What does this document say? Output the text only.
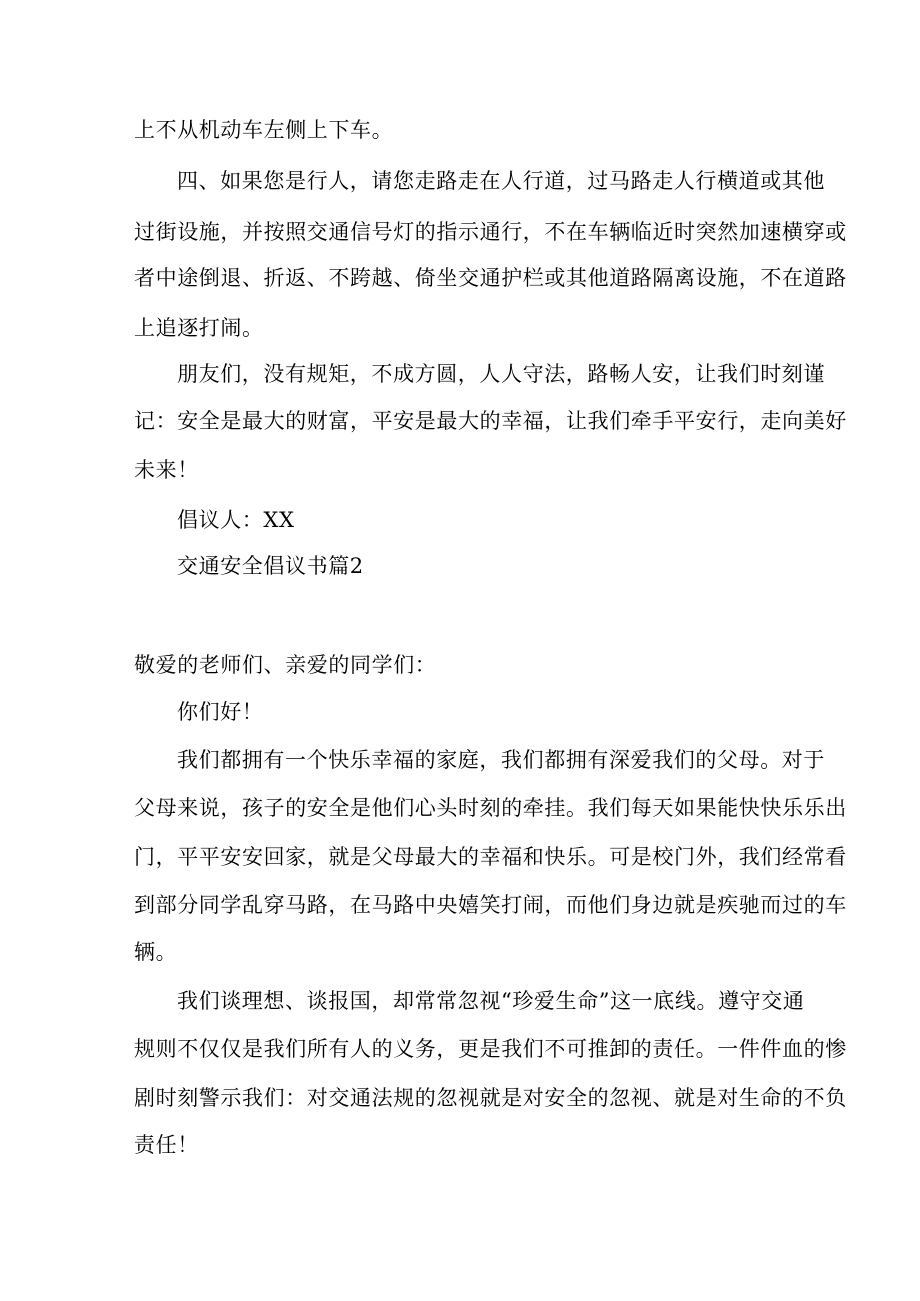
上不从机动车左侧上下车。
四、如果您是行人，请您走路走在人行道，过马路走人行横道或其他
过街设施，并按照交通信号灯的指示通行，不在车辆临近时突然加速横穿或
者中途倒退、折返、不跨越、倚坐交通护栏或其他道路隔离设施，不在道路
上追逐打闹。
朋友们，没有规矩，不成方圆，人人守法，路畅人安，让我们时刻谨
记：安全是最大的财富，平安是最大的幸福，让我们牵手平安行，走向美好
未来！
倡议人：XX
交通安全倡议书篇2
敬爱的老师们、亲爱的同学们：
你们好！
我们都拥有一个快乐幸福的家庭，我们都拥有深爱我们的父母。对于
父母来说，孩子的安全是他们心头时刻的牵挂。我们每天如果能快快乐乐出
门，平平安安回家，就是父母最大的幸福和快乐。可是校门外，我们经常看
到部分同学乱穿马路，在马路中央嬉笑打闹，而他们身边就是疾驰而过的车
辆。
我们谈理想、谈报国，却常常忽视“珍爱生命”这一底线。遵守交通
规则不仅仅是我们所有人的义务，更是我们不可推卸的责任。一件件血的惨
剧时刻警示我们：对交通法规的忽视就是对安全的忽视、就是对生命的不负
责任！
